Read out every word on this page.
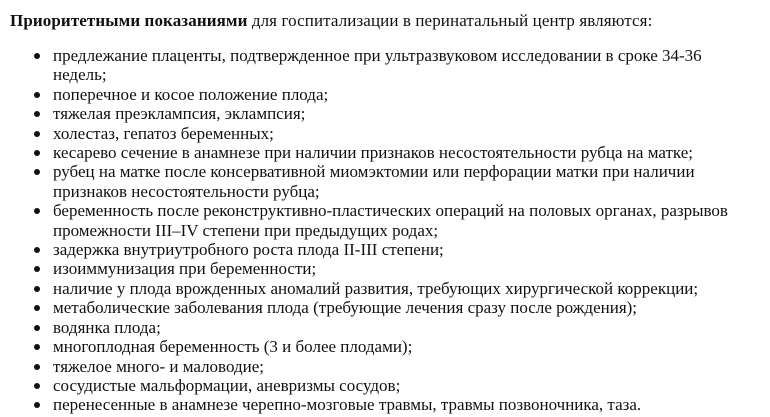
Приоритетными показаниями для госпитализации в перинатальный центр являются:

предлежание плаценты, подтвержденное при ультразвуковом исследовании в сроке 34-36 недель;
поперечное и косое положение плода;
тяжелая преэклампсия, эклампсия;
холестаз, гепатоз беременных;
кесарево сечение в анамнезе при наличии признаков несостоятельности рубца на матке;
рубец на матке после консервативной миомэктомии или перфорации матки при наличии признаков несостоятельности рубца;
беременность после реконструктивно-пластических операций на половых органах, разрывов промежности III–IV степени при предыдущих родах;
задержка внутриутробного роста плода II-III степени;
изоиммунизация при беременности;
наличие у плода врожденных аномалий развития, требующих хирургической коррекции;
метаболические заболевания плода (требующие лечения сразу после рождения);
водянка плода;
многоплодная беременность (3 и более плодами);
тяжелое много- и маловодие;
сосудистые мальформации, аневризмы сосудов;
перенесенные в анамнезе черепно-мозговые травмы, травмы позвоночника, таза.
